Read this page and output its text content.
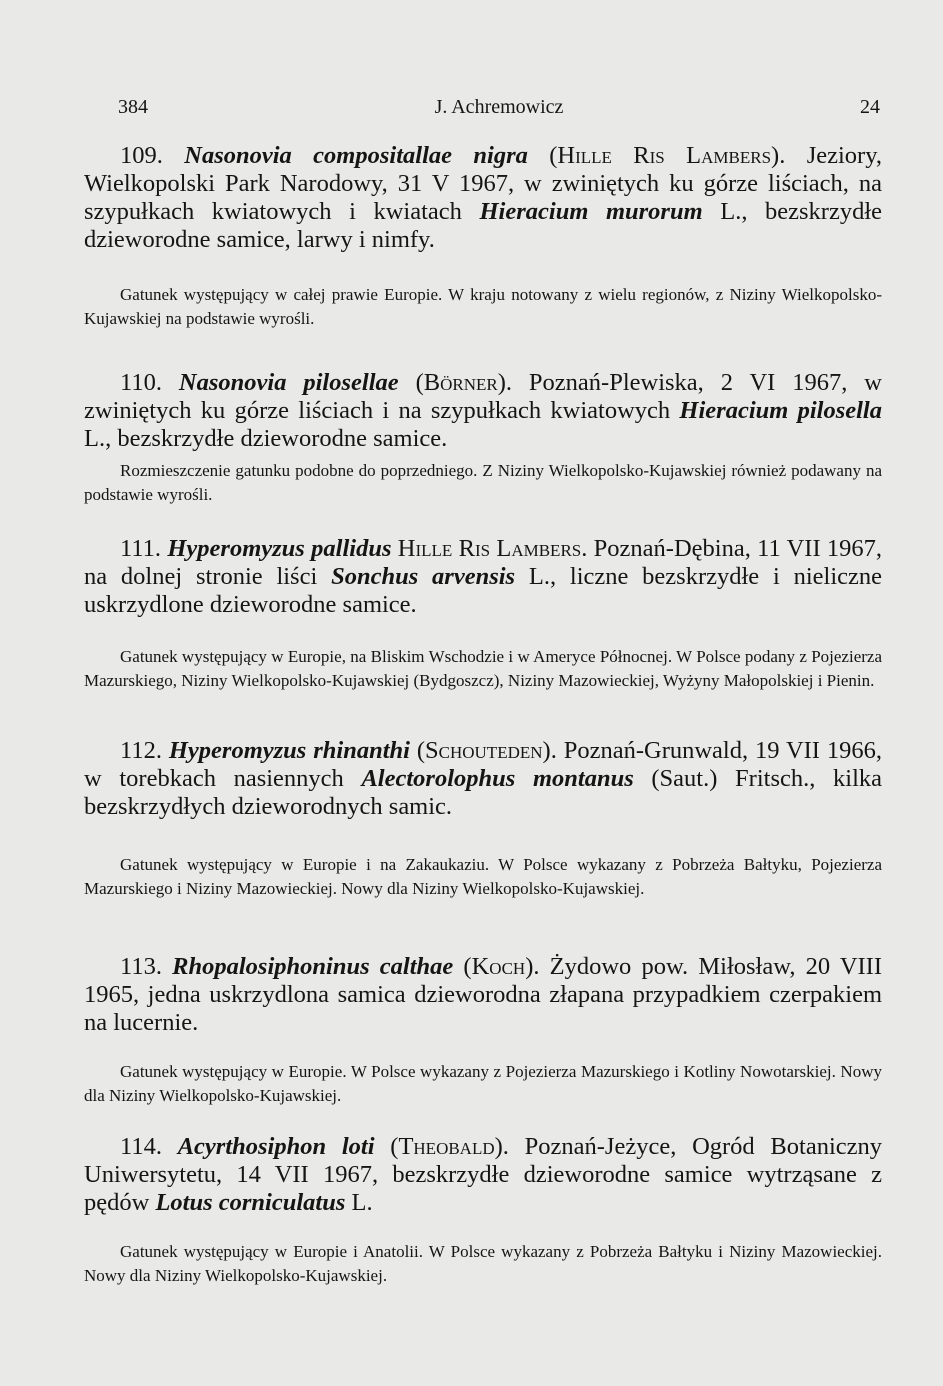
384	J. Achremowicz	24

109. Nasonovia compositallae nigra (Hille Ris Lambers). Jeziory, Wielkopolski Park Narodowy, 31 V 1967, w zwiniętych ku górze liściach, na szypułkach kwiatowych i kwiatach Hieracium murorum L., bezskrzydłe dzieworodne samice, larwy i nimfy.

Gatunek występujący w całej prawie Europie. W kraju notowany z wielu regionów, z Niziny Wielkopolsko-Kujawskiej na podstawie wyrośli.

110. Nasonovia pilosellae (Börner). Poznań-Plewiska, 2 VI 1967, w zwiniętych ku górze liściach i na szypułkach kwiatowych Hieracium pilosella L., bezskrzydłe dzieworodne samice.

Rozmieszczenie gatunku podobne do poprzedniego. Z Niziny Wielkopolsko-Kujawskiej również podawany na podstawie wyrośli.

111. Hyperomyzus pallidus Hille Ris Lambers. Poznań-Dębina, 11 VII 1967, na dolnej stronie liści Sonchus arvensis L., liczne bezskrzydłe i nieliczne uskrzydlone dzieworodne samice.

Gatunek występujący w Europie, na Bliskim Wschodzie i w Ameryce Północnej. W Polsce podany z Pojezierza Mazurskiego, Niziny Wielkopolsko-Kujawskiej (Bydgoszcz), Niziny Mazowieckiej, Wyżyny Małopolskiej i Pienin.

112. Hyperomyzus rhinanthi (Schouteden). Poznań-Grunwald, 19 VII 1966, w torebkach nasiennych Alectorolophus montanus (Saut.) Fritsch., kilka bezskrzydłych dzieworodnych samic.

Gatunek występujący w Europie i na Zakaukaziu. W Polsce wykazany z Pobrzeża Bałtyku, Pojezierza Mazurskiego i Niziny Mazowieckiej. Nowy dla Niziny Wielkopolsko-Kujawskiej.

113. Rhopalosiphoninus calthae (Koch). Żydowo pow. Miłosław, 20 VIII 1965, jedna uskrzydlona samica dzieworodna złapana przypadkiem czerpakiem na lucernie.

Gatunek występujący w Europie. W Polsce wykazany z Pojezierza Mazurskiego i Kotliny Nowotarskiej. Nowy dla Niziny Wielkopolsko-Kujawskiej.

114. Acyrthosiphon loti (Theobald). Poznań-Jeżyce, Ogród Botaniczny Uniwersytetu, 14 VII 1967, bezskrzydłe dzieworodne samice wytrząsane z pędów Lotus corniculatus L.

Gatunek występujący w Europie i Anatolii. W Polsce wykazany z Pobrzeża Bałtyku i Niziny Mazowieckiej. Nowy dla Niziny Wielkopolsko-Kujawskiej.
